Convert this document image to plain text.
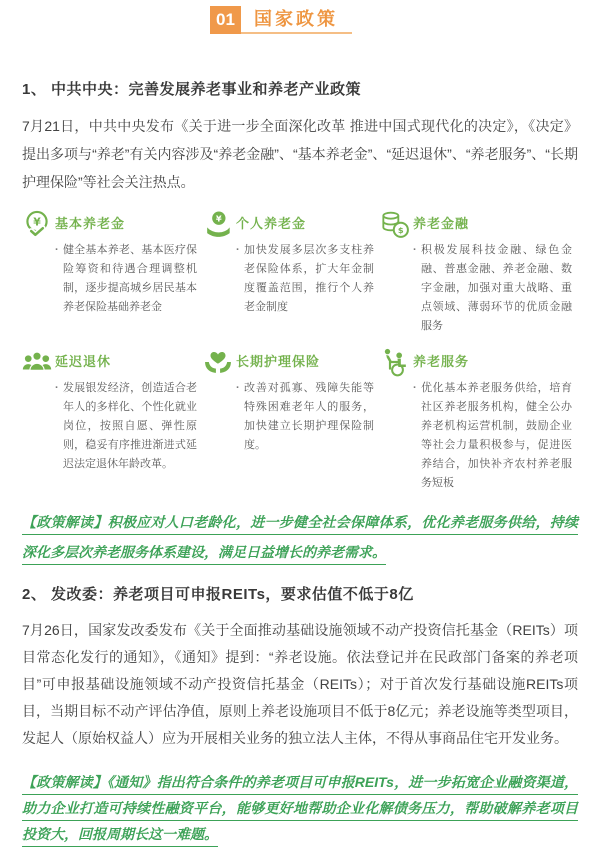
01	国家政策
1、 中共中央：完善发展养老事业和养老产业政策

7月21日，中共中央发布《关于进一步全面深化改革 推进中国式现代化的决定》，《决定》提出多项与“养老”有关内容涉及“养老金融”、“基本养老金”、“延迟退休”、“养老服务”、“长期护理保险”等社会关注热点。

¥ 基本养老金
· 健全基本养老、基本医疗保险筹资和待遇合理调整机制，逐步提高城乡居民基本养老保险基础养老金
¥ 个人养老金
· 加快发展多层次多支柱养老保险体系，扩大年金制度覆盖范围，推行个人养老金制度
$ 养老金融
· 积极发展科技金融、绿色金融、普惠金融、养老金融、数字金融，加强对重大战略、重点领域、薄弱环节的优质金融服务
延迟退休
· 发展银发经济，创造适合老年人的多样化、个性化就业岗位，按照自愿、弹性原则，稳妥有序推进渐进式延迟法定退休年龄改革。
长期护理保险
· 改善对孤寡、残障失能等特殊困难老年人的服务，加快建立长期护理保险制度。
养老服务
· 优化基本养老服务供给，培育社区养老服务机构，健全公办养老机构运营机制，鼓励企业等社会力量积极参与，促进医养结合，加快补齐农村养老服务短板

【政策解读】积极应对人口老龄化，进一步健全社会保障体系，优化养老服务供给，持续深化多层次养老服务体系建设，满足日益增长的养老需求。

2、 发改委：养老项目可申报REITs，要求估值不低于8亿

7月26日，国家发改委发布《关于全面推动基础设施领域不动产投资信托基金（REITs）项目常态化发行的通知》，《通知》提到：“养老设施。依法登记并在民政部门备案的养老项目”可申报基础设施领域不动产投资信托基金（REITs）；对于首次发行基础设施REITs项目，当期目标不动产评估净值，原则上养老设施项目不低于8亿元；养老设施等类型项目，发起人（原始权益人）应为开展相关业务的独立法人主体，不得从事商品住宅开发业务。

【政策解读】《通知》指出符合条件的养老项目可申报REITs，进一步拓宽企业融资渠道，助力企业打造可持续性融资平台，能够更好地帮助企业化解债务压力，帮助破解养老项目投资大，回报周期长这一难题。
